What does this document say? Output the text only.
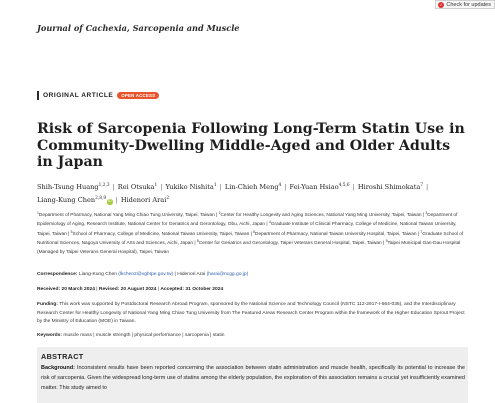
✓ Check for updates
Journal of Cachexia, Sarcopenia and Muscle
ORIGINAL ARTICLE	OPEN ACCESS
Risk of Sarcopenia Following Long-Term Statin Use in Community-Dwelling Middle-Aged and Older Adults in Japan
Shih-Tsung Huang$^{1,2,3}$ | Rei Otsuka$^1$ | Yukiko Nishita$^1$ | Lin-Chieh Meng$^4$ | Fei-Yuan Hsiao$^{4,5,6}$ | Hiroshi Shimokata$^7$ |
Liang-Kung Chen$^{2,8,9}$iD | Hidenori Arai$^2$

$^1$Department of Pharmacy, National Yang Ming Chiao Tung University, Taipei, Taiwan | $^2$Center for Healthy Longevity and Aging Sciences, National Yang Ming University, Taipei, Taiwan | $^3$Department of Epidemiology of Aging, Research Institute, National Center for Geriatrics and Gerontology, Obu, Aichi, Japan | $^4$Graduate Institute of Clinical Pharmacy, College of Medicine, National Taiwan University, Taipei, Taiwan | $^5$School of Pharmacy, College of Medicine, National Taiwan University, Taipei, Taiwan | $^6$Department of Pharmacy, National Taiwan University Hospital, Taipei, Taiwan | $^7$Graduate School of Nutritional Sciences, Nagoya University of Arts and Sciences, Aichi, Japan | $^8$Center for Geriatrics and Gerontology, Taipei Veterans General Hospital, Taipei, Taiwan | $^9$Taipei Municipal Gan-Dau Hospital (Managed by Taipei Veterans General Hospital), Taipei, Taiwan

Correspondence: Liang-Kung Chen (lkchen2@vghtpe.gov.tw) | Hidenori Arai (harai@ncgg.go.jp)

Received: 20 March 2024 | Revised: 20 August 2024 | Accepted: 31 October 2024

Funding: This work was supported by Postdoctoral Research Abroad Program, sponsored by the National Science and Technology Council (NSTC 112-2917-I-564-036), and the Interdisciplinary Research Center for Healthy Longevity of National Yang Ming Chiao Tung University from The Featured Areas Research Center Program within the framework of the Higher Education Sprout Project by the Ministry of Education (MOE) in Taiwan.

Keywords: muscle mass | muscle strength | physical performance | sarcopenia | statin

ABSTRACT

Background: Inconsistent results have been reported concerning the association between statin administration and muscle health, specifically its potential to increase the risk of sarcopenia. Given the widespread long-term use of statins among the elderly population, the exploration of this association remains a crucial yet insufficiently examined matter. This study aimed to
